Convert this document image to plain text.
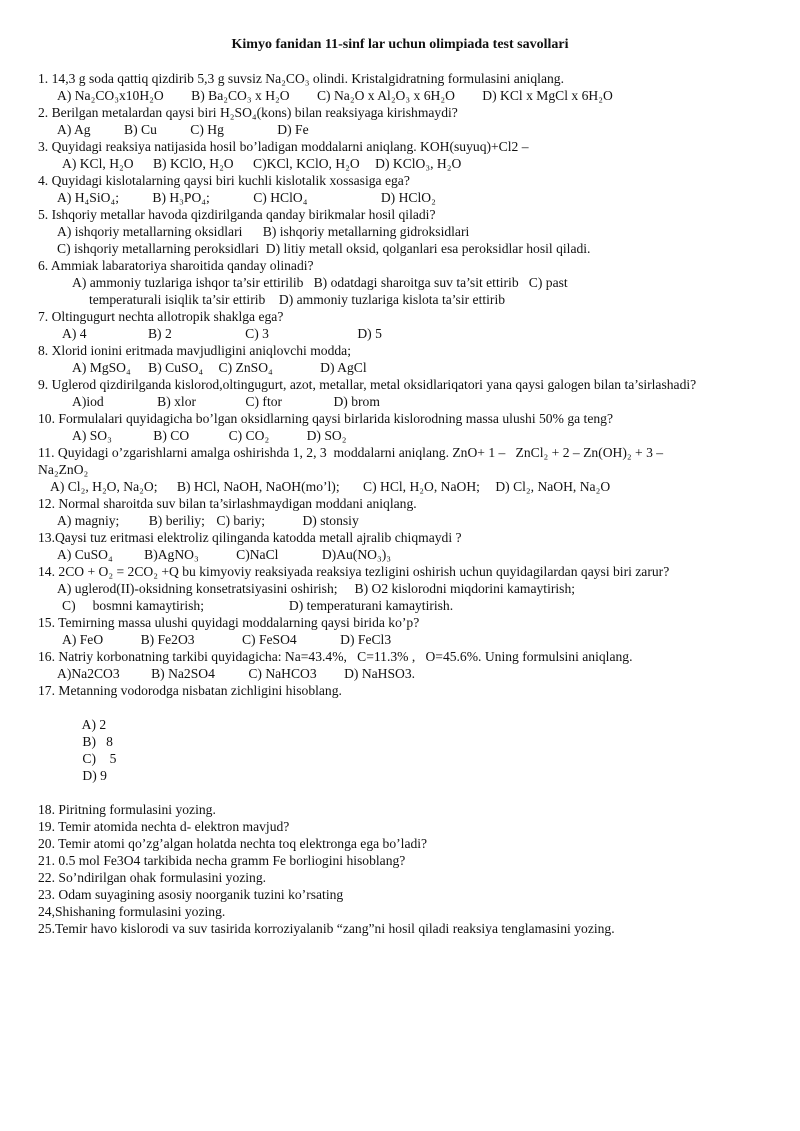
Kimyo fanidan 11-sinf lar uchun olimpiada test savollari
1. 14,3 g soda qattiq qizdirib 5,3 g suvsiz Na₂CO₃ olindi. Kristalgidratning formulasini aniqlang.
A) Na₂CO₃x10H₂O B) Ba₂CO₃ x H₂O C) Na₂O x Al₂O₃ x 6H₂O D) KCl x MgCl x 6H₂O
2. Berilgan metalardan qaysi biri H₂SO₄(kons) bilan reaksiyaga kirishmaydi?
A) Ag B) Cu C) Hg	D) Fe
3. Quyidagi reaksiya natijasida hosil bo’ladigan moddalarni aniqlang. KOH(suyuq)+Cl2 –
A) KCl, H₂O B) KClO, H₂O C)KCl, KClO, H₂O D) KClO₃, H₂O
4. Quyidagi kislotalarning qaysi biri kuchli kislotalik xossasiga ega?
A) H₄SiO₄; B) H₃PO₄;	C) HClO₄	D) HClO₂
5. Ishqoriy metallar havoda qizdirilganda qanday birikmalar hosil qiladi?
A) ishqoriy metallarning oksidlari      B) ishqoriy metallarning gidroksidlari
C) ishqoriy metallarning peroksidlari  D) litiy metall oksid, qolganlari esa peroksidlar hosil qiladi.
6. Ammiak labaratoriya sharoitida qanday olinadi?
A) ammoniy tuzlariga ishqor ta’sir ettirilib   B) odatdagi sharoitga suv ta’sit ettirib   C) past
temperaturali isiqlik ta’sir ettirib    D) ammoniy tuzlariga kislota ta’sir ettirib
7. Oltingugurt nechta allotropik shaklga ega?
A) 4	B) 2	C) 3	D) 5
8. Xlorid ionini eritmada mavjudligini aniqlovchi modda;
A) MgSO₄ B) CuSO₄ C) ZnSO₄	D) AgCl
9. Uglerod qizdirilganda kislorod,oltingugurt, azot, metallar, metal oksidlariqatori yana qaysi galogen bilan ta’sirlashadi?
A)iod	B) xlor	C) ftor	D) brom
10. Formulalari quyidagicha bo’lgan oksidlarning qaysi birlarida kislorodning massa ulushi 50% ga teng?
A) SO₃	B) CO	C) CO₂	D) SO₂
11. Quyidagi o’zgarishlarni amalga oshirishda 1, 2, 3  moddalarni aniqlang. ZnO+ 1 –   ZnCl₂ + 2 – Zn(OH)₂ + 3 –
Na₂ZnO₂
A) Cl₂, H₂O, Na₂O; B) HCl, NaOH, NaOH(mo’l); C) HCl, H₂O, NaOH; D) Cl₂, NaOH, Na₂O
12. Normal sharoitda suv bilan ta’sirlashmaydigan moddani aniqlang.
A) magniy; B) beriliy; C) bariy;	D) stonsiy
13.Qaysi tuz eritmasi elektroliz qilinganda katodda metall ajralib chiqmaydi ?
A) CuSO₄ B)AgNO₃	C)NaCl	D)Au(NO₃)₃
14. 2CO + O₂ = 2CO₂ +Q bu kimyoviy reaksiyada reaksiya tezligini oshirish uchun quyidagilardan qaysi biri zarur?
A) uglerod(II)-oksidning konsetratsiyasini oshirish;     B) O2 kislorodni miqdorini kamaytirish;
C)     bosmni kamaytirish;                         D) temperaturani kamaytirish.
15. Temirning massa ulushi quyidagi moddalarning qaysi birida ko’p?
A) FeO	B) Fe2O3	C) FeSO4	D) FeCl3
16. Natriy korbonatning tarkibi quyidagicha: Na=43.4%,   C=11.3% ,   O=45.6%. Uning formulsini aniqlang.
A)Na2CO3 B) Na2SO4 C) NaHCO3 D) NaHSO3.
17. Metanning vodorodga nisbatan zichligini hisoblang.

A) 2
B)   8
C)    5
D) 9

18. Piritning formulasini yozing.
19. Temir atomida nechta d- elektron mavjud?
20. Temir atomi qo’zg’algan holatda nechta toq elektronga ega bo’ladi?
21. 0.5 mol Fe3O4 tarkibida necha gramm Fe borliogini hisoblang?
22. So’ndirilgan ohak formulasini yozing.
23. Odam suyagining asosiy noorganik tuzini ko’rsating
24,Shishaning formulasini yozing.
25.Temir havo kislorodi va suv tasirida korroziyalanib “zang”ni hosil qiladi reaksiya tenglamasini yozing.
